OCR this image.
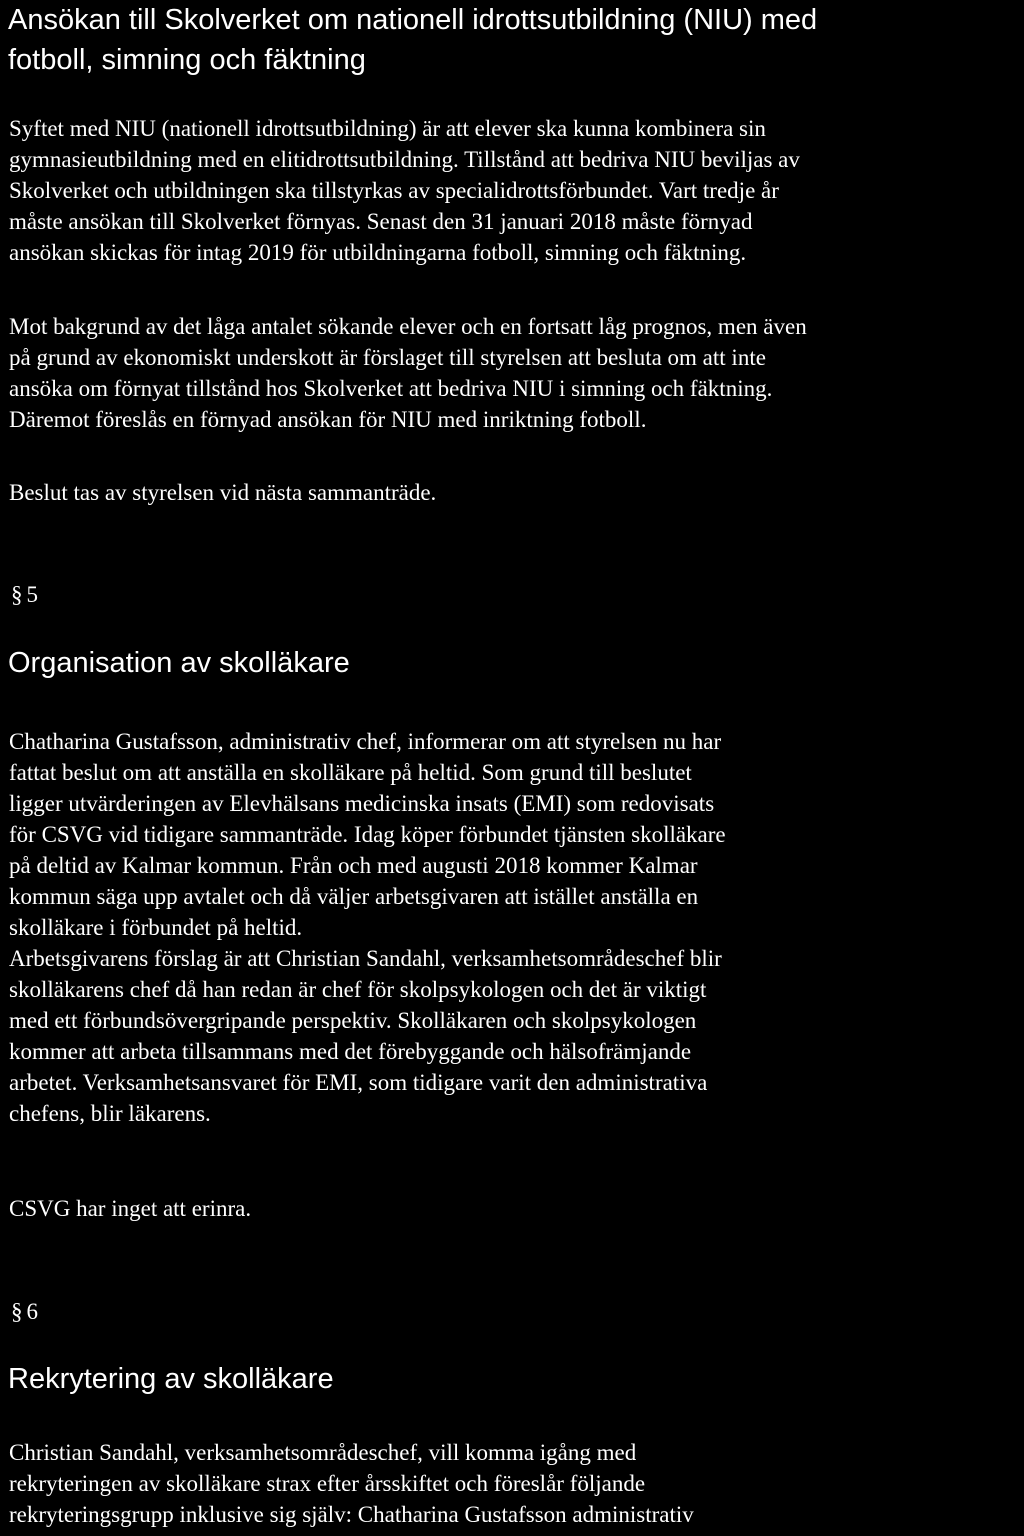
Ansökan till Skolverket om nationell idrottsutbildning (NIU) med
fotboll, simning och fäktning
Syftet med NIU (nationell idrottsutbildning) är att elever ska kunna kombinera sin
gymnasieutbildning med en elitidrottsutbildning. Tillstånd att bedriva NIU beviljas av
Skolverket och utbildningen ska tillstyrkas av specialidrottsförbundet. Vart tredje år
måste ansökan till Skolverket förnyas. Senast den 31 januari 2018 måste förnyad
ansökan skickas för intag 2019 för utbildningarna fotboll, simning och fäktning.
Mot bakgrund av det låga antalet sökande elever och en fortsatt låg prognos, men även
på grund av ekonomiskt underskott är förslaget till styrelsen att besluta om att inte
ansöka om förnyat tillstånd hos Skolverket att bedriva NIU i simning och fäktning.
Däremot föreslås en förnyad ansökan för NIU med inriktning fotboll.
Beslut tas av styrelsen vid nästa sammanträde.
§ 5
Organisation av skolläkare
Chatharina Gustafsson, administrativ chef, informerar om att styrelsen nu har
fattat beslut om att anställa en skolläkare på heltid. Som grund till beslutet
ligger utvärderingen av Elevhälsans medicinska insats (EMI) som redovisats
för CSVG vid tidigare sammanträde. Idag köper förbundet tjänsten skolläkare
på deltid av Kalmar kommun. Från och med augusti 2018 kommer Kalmar
kommun säga upp avtalet och då väljer arbetsgivaren att istället anställa en
skolläkare i förbundet på heltid.
Arbetsgivarens förslag är att Christian Sandahl, verksamhetsområdeschef blir
skolläkarens chef då han redan är chef för skolpsykologen och det är viktigt
med ett förbundsövergripande perspektiv. Skolläkaren och skolpsykologen
kommer att arbeta tillsammans med det förebyggande och hälsofrämjande
arbetet. Verksamhetsansvaret för EMI, som tidigare varit den administrativa
chefens, blir läkarens.
CSVG har inget att erinra.
§ 6
Rekrytering av skolläkare
Christian Sandahl, verksamhetsområdeschef, vill komma igång med
rekryteringen av skolläkare strax efter årsskiftet och föreslår följande
rekryteringsgrupp inklusive sig själv: Chatharina Gustafsson administrativ
